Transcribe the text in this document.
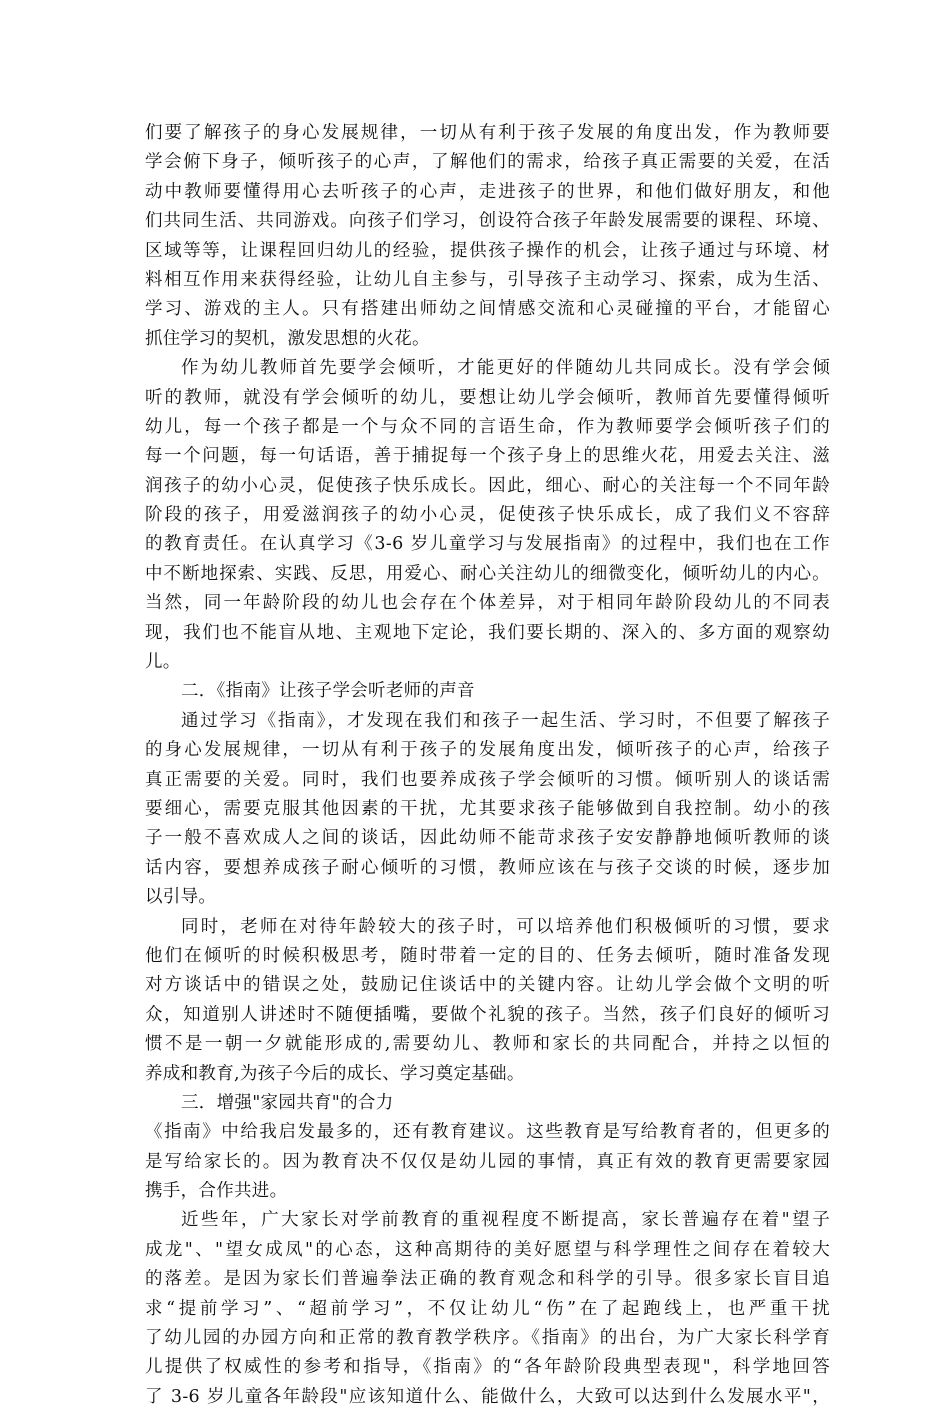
们要了解孩子的身心发展规律，一切从有利于孩子发展的角度出发，作为教师要
学会俯下身子，倾听孩子的心声，了解他们的需求，给孩子真正需要的关爱，在活
动中教师要懂得用心去听孩子的心声，走进孩子的世界，和他们做好朋友，和他
们共同生活、共同游戏。向孩子们学习，创设符合孩子年龄发展需要的课程、环境、
区域等等，让课程回归幼儿的经验，提供孩子操作的机会，让孩子通过与环境、材
料相互作用来获得经验，让幼儿自主参与，引导孩子主动学习、探索，成为生活、
学习、游戏的主人。只有搭建出师幼之间情感交流和心灵碰撞的平台，才能留心
抓住学习的契机，激发思想的火花。
作为幼儿教师首先要学会倾听，才能更好的伴随幼儿共同成长。没有学会倾
听的教师，就没有学会倾听的幼儿，要想让幼儿学会倾听，教师首先要懂得倾听
幼儿，每一个孩子都是一个与众不同的言语生命，作为教师要学会倾听孩子们的
每一个问题，每一句话语，善于捕捉每一个孩子身上的思维火花，用爱去关注、滋
润孩子的幼小心灵，促使孩子快乐成长。因此，细心、耐心的关注每一个不同年龄
阶段的孩子，用爱滋润孩子的幼小心灵，促使孩子快乐成长，成了我们义不容辞
的教育责任。在认真学习《3-6 岁儿童学习与发展指南》的过程中，我们也在工作
中不断地探索、实践、反思，用爱心、耐心关注幼儿的细微变化，倾听幼儿的内心。
当然，同一年龄阶段的幼儿也会存在个体差异，对于相同年龄阶段幼儿的不同表
现，我们也不能盲从地、主观地下定论，我们要长期的、深入的、多方面的观察幼
儿。
二．《指南》让孩子学会听老师的声音
通过学习《指南》，才发现在我们和孩子一起生活、学习时，不但要了解孩子
的身心发展规律，一切从有利于孩子的发展角度出发，倾听孩子的心声，给孩子
真正需要的关爱。同时，我们也要养成孩子学会倾听的习惯。倾听别人的谈话需
要细心，需要克服其他因素的干扰，尤其要求孩子能够做到自我控制。幼小的孩
子一般不喜欢成人之间的谈话，因此幼师不能苛求孩子安安静静地倾听教师的谈
话内容，要想养成孩子耐心倾听的习惯，教师应该在与孩子交谈的时候，逐步加
以引导。
同时，老师在对待年龄较大的孩子时，可以培养他们积极倾听的习惯，要求
他们在倾听的时候积极思考，随时带着一定的目的、任务去倾听，随时准备发现
对方谈话中的错误之处，鼓励记住谈话中的关键内容。让幼儿学会做个文明的听
众，知道别人讲述时不随便插嘴，要做个礼貌的孩子。当然，孩子们良好的倾听习
惯不是一朝一夕就能形成的,需要幼儿、教师和家长的共同配合，并持之以恒的
养成和教育,为孩子今后的成长、学习奠定基础。
三．增强"家园共育"的合力
《指南》中给我启发最多的，还有教育建议。这些教育是写给教育者的，但更多的
是写给家长的。因为教育决不仅仅是幼儿园的事情，真正有效的教育更需要家园
携手，合作共进。
近些年，广大家长对学前教育的重视程度不断提高，家长普遍存在着"望子
成龙"、"望女成凤"的心态，这种高期待的美好愿望与科学理性之间存在着较大
的落差。是因为家长们普遍拳法正确的教育观念和科学的引导。很多家长盲目追
求“提前学习”、“超前学习”，不仅让幼儿“伤”在了起跑线上，也严重干扰
了幼儿园的办园方向和正常的教育教学秩序。《指南》的出台，为广大家长科学育
儿提供了权威性的参考和指导，《指南》的“各年龄阶段典型表现"，科学地回答
了 3-6 岁儿童各年龄段"应该知道什么、能做什么，大致可以达到什么发展水平"，
